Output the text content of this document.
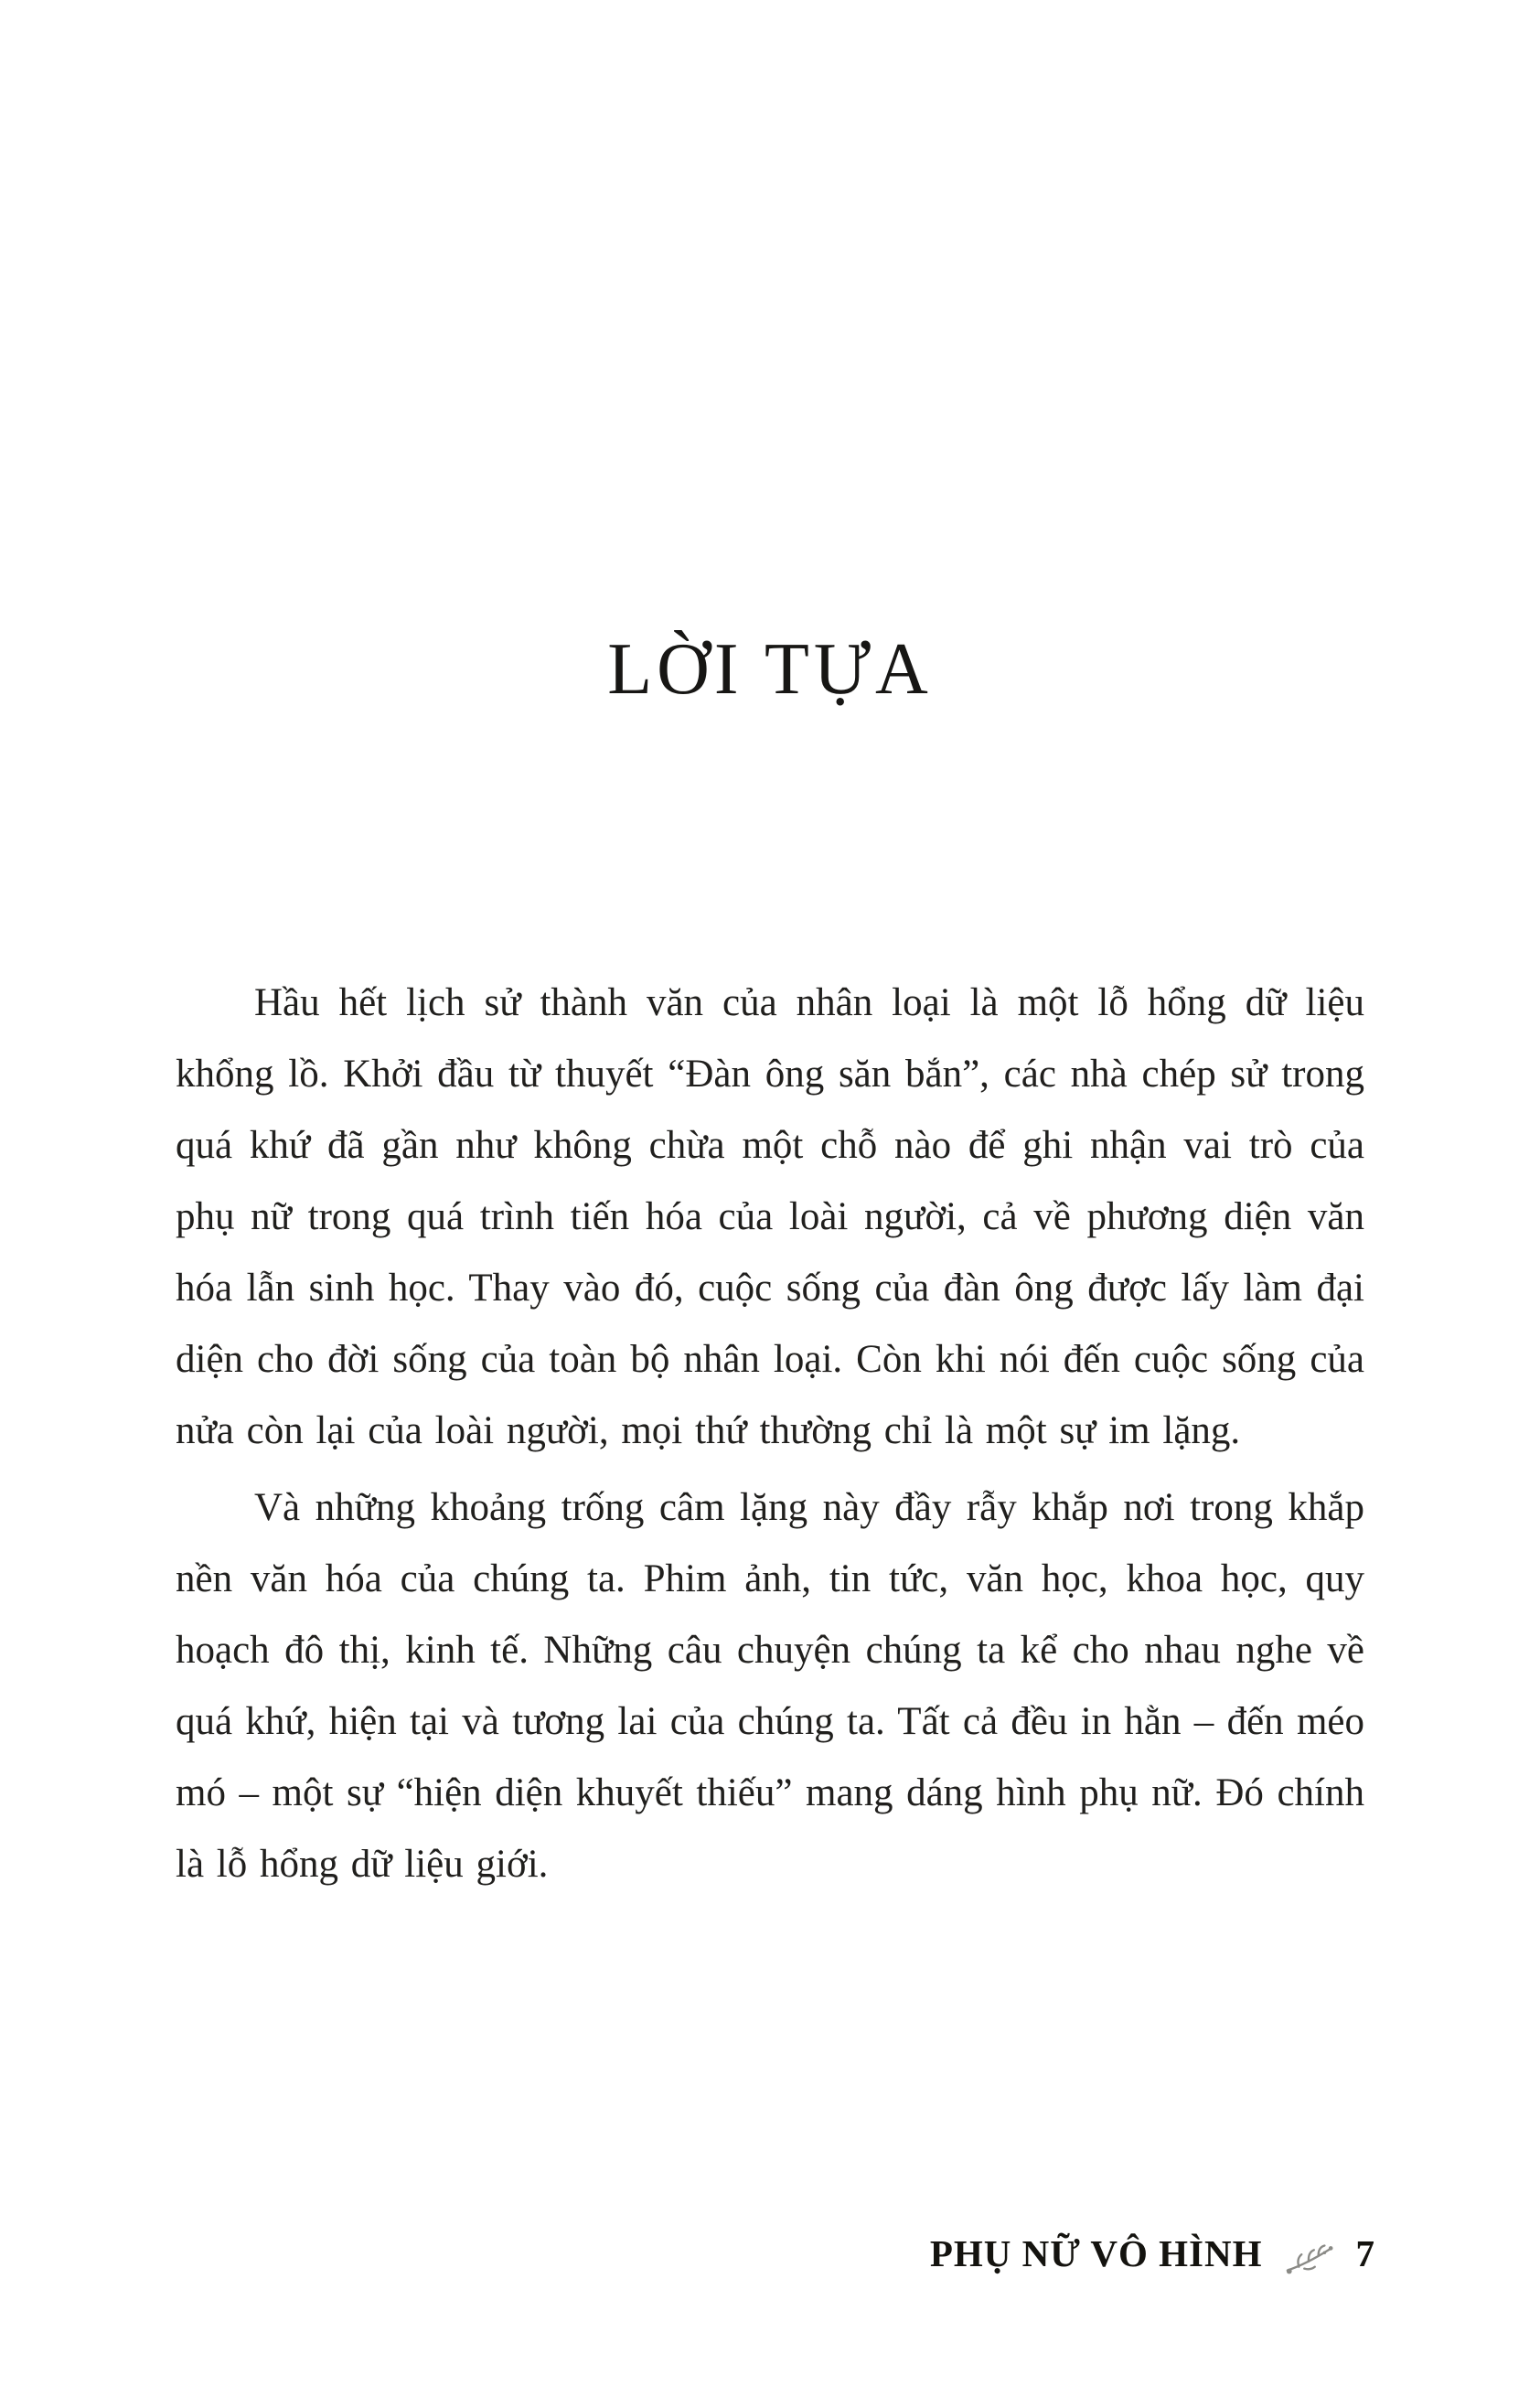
LỜI TỰA

Hầu hết lịch sử thành văn của nhân loại là một lỗ hổng dữ liệu khổng lồ. Khởi đầu từ thuyết “Đàn ông săn bắn”, các nhà chép sử trong quá khứ đã gần như không chừa một chỗ nào để ghi nhận vai trò của phụ nữ trong quá trình tiến hóa của loài người, cả về phương diện văn hóa lẫn sinh học. Thay vào đó, cuộc sống của đàn ông được lấy làm đại diện cho đời sống của toàn bộ nhân loại. Còn khi nói đến cuộc sống của nửa còn lại của loài người, mọi thứ thường chỉ là một sự im lặng.

Và những khoảng trống câm lặng này đầy rẫy khắp nơi trong khắp nền văn hóa của chúng ta. Phim ảnh, tin tức, văn học, khoa học, quy hoạch đô thị, kinh tế. Những câu chuyện chúng ta kể cho nhau nghe về quá khứ, hiện tại và tương lai của chúng ta. Tất cả đều in hằn – đến méo mó – một sự “hiện diện khuyết thiếu” mang dáng hình phụ nữ. Đó chính là lỗ hổng dữ liệu giới.

PHỤ NỮ VÔ HÌNH 7
